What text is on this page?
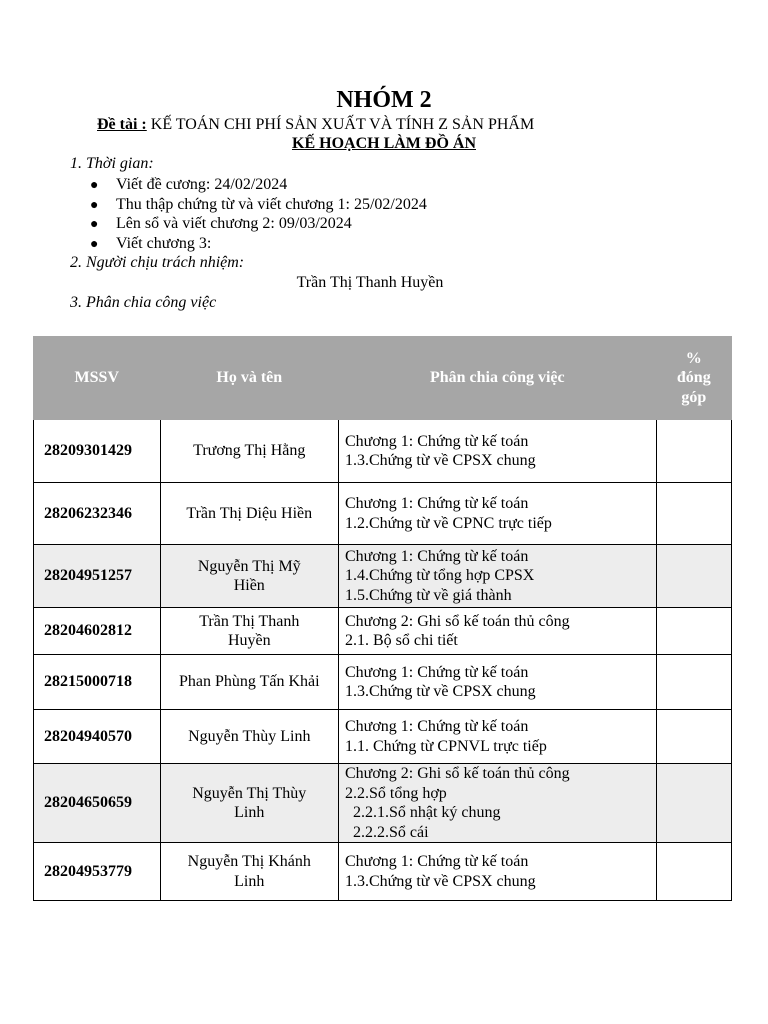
NHÓM 2
Đề tài : KẾ TOÁN CHI PHÍ SẢN XUẤT VÀ TÍNH Z SẢN PHẨM
KẾ HOẠCH LÀM ĐỒ ÁN
1. Thời gian:
● Viết đề cương: 24/02/2024
● Thu thập chứng từ và viết chương 1: 25/02/2024
● Lên sổ và viết chương 2: 09/03/2024
● Viết chương 3:
2. Người chịu trách nhiệm:
Trần Thị Thanh Huyền
3. Phân chia công việc
MSSV	Họ và tên	Phân chia công việc	%
đóng
góp

28209301429	Trương Thị Hằng	Chương 1: Chứng từ kế toán
1.3.Chứng từ về CPSX chung	

28206232346	Trần Thị Diệu Hiền	Chương 1: Chứng từ kế toán
1.2.Chứng từ về CPNC trực tiếp	

28204951257	Nguyễn Thị Mỹ
Hiền	Chương 1: Chứng từ kế toán
1.4.Chứng từ tổng hợp CPSX
1.5.Chứng từ về giá thành	

28204602812	Trần Thị Thanh
Huyền	Chương 2: Ghi sổ kế toán thủ công
2.1. Bộ sổ chi tiết	

28215000718	Phan Phùng Tấn Khải	Chương 1: Chứng từ kế toán
1.3.Chứng từ về CPSX chung	

28204940570	Nguyễn Thùy Linh	Chương 1: Chứng từ kế toán
1.1. Chứng từ CPNVL trực tiếp	

28204650659	Nguyễn Thị Thùy
Linh	Chương 2: Ghi sổ kế toán thủ công
2.2.Sổ tổng hợp
2.2.1.Sổ nhật ký chung
2.2.2.Sổ cái	

28204953779	Nguyễn Thị Khánh
Linh	Chương 1: Chứng từ kế toán
1.3.Chứng từ về CPSX chung	
